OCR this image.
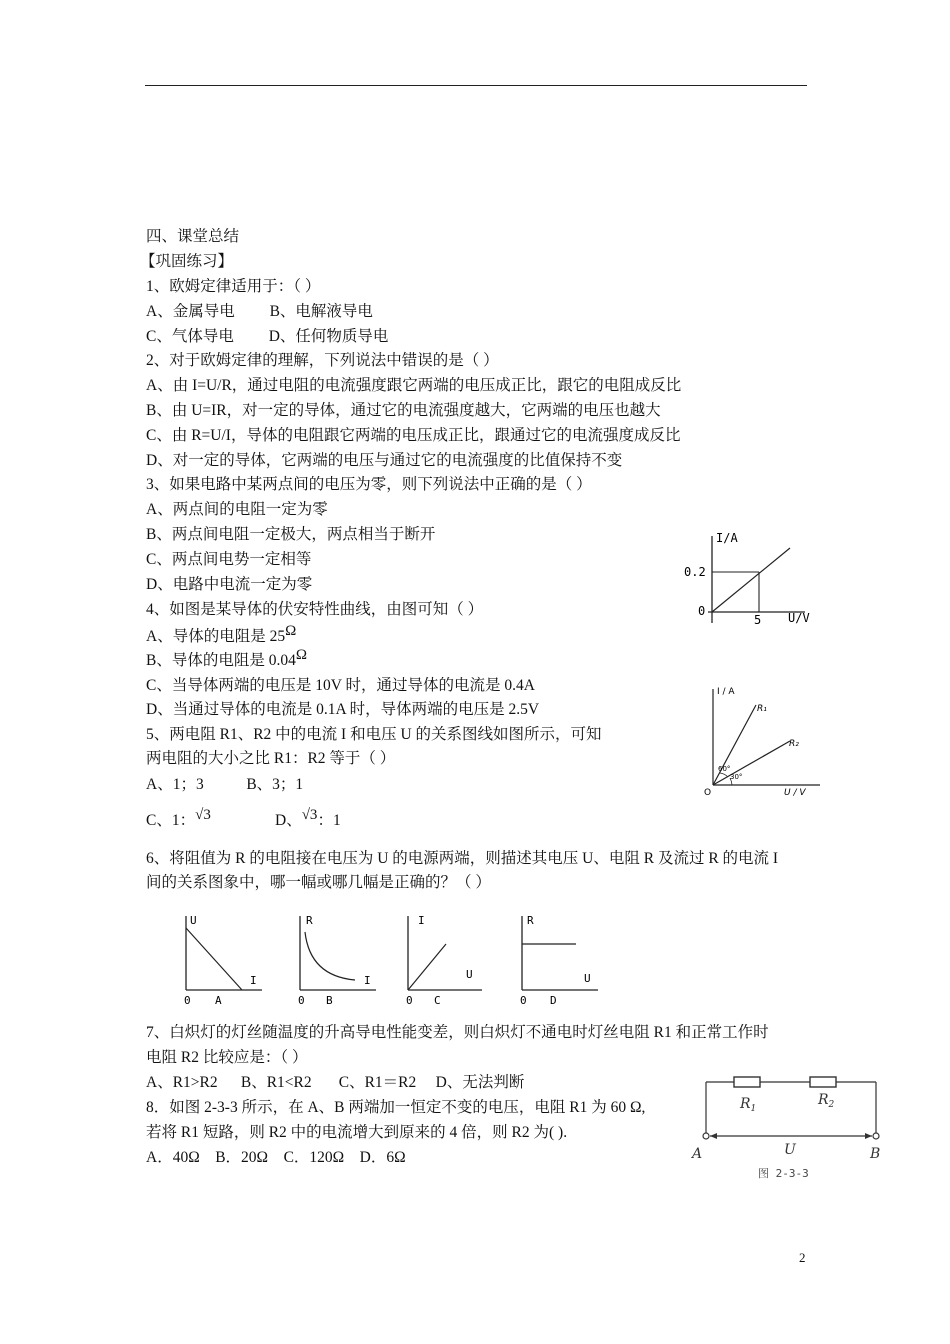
四、课堂总结
【巩固练习】
1、欧姆定律适用于：（ ）
A、金属导电         B、电解液导电
C、气体导电         D、任何物质导电
2、对于欧姆定律的理解，下列说法中错误的是（ ）
A、由 I=U/R，通过电阻的电流强度跟它两端的电压成正比，跟它的电阻成反比
B、由 U=IR，对一定的导体，通过它的电流强度越大，它两端的电压也越大
C、由 R=U/I，导体的电阻跟它两端的电压成正比，跟通过它的电流强度成反比
D、对一定的导体，它两端的电压与通过它的电流强度的比值保持不变
3、如果电路中某两点间的电压为零，则下列说法中正确的是（ ）
A、两点间的电阻一定为零
B、两点间电阻一定极大，两点相当于断开
C、两点间电势一定相等
D、电路中电流一定为零
4、如图是某导体的伏安特性曲线，由图可知（ ）
A、导体的电阻是 25Ω
B、导体的电阻是 0.04Ω
C、当导体两端的电压是 10V 时，通过导体的电流是 0.4A
D、当通过导体的电流是 0.1A 时，导体两端的电压是 2.5V
5、两电阻 R1、R2 中的电流 I 和电压 U 的关系图线如图所示，可知
两电阻的大小之比 R1：R2 等于（ ）
A、1；3           B、3；1
C、1：√3	D、√3：1
6、将阻值为 R 的电阻接在电压为 U 的电源两端，则描述其电压 U、电阻 R 及流过 R 的电流 I
间的关系图象中，哪一幅或哪几幅是正确的？（ ）
7、白炽灯的灯丝随温度的升高导电性能变差，则白炽灯不通电时灯丝电阻 R1 和正常工作时
电阻 R2 比较应是：（ ）
A、R1>R2      B、R1<R2       C、R1＝R2     D、无法判断
8．如图 2-3-3 所示，在 A、B 两端加一恒定不变的电压，电阻 R1 为 60 Ω,
若将 R1 短路，则 R2 中的电流增大到原来的 4 倍，则 R2 为( ).
A．40Ω    B．20Ω    C．120Ω    D．6Ω
I/A
0.2
0
5 U/V
I / A
R₁
R₂
60°
30°
O	U / V
U
I
0 A
R
I
0 B
I
U
0 C
R
U
0 D
$R_1$
$R_2$
U
A	B
图 2-3-3
2
